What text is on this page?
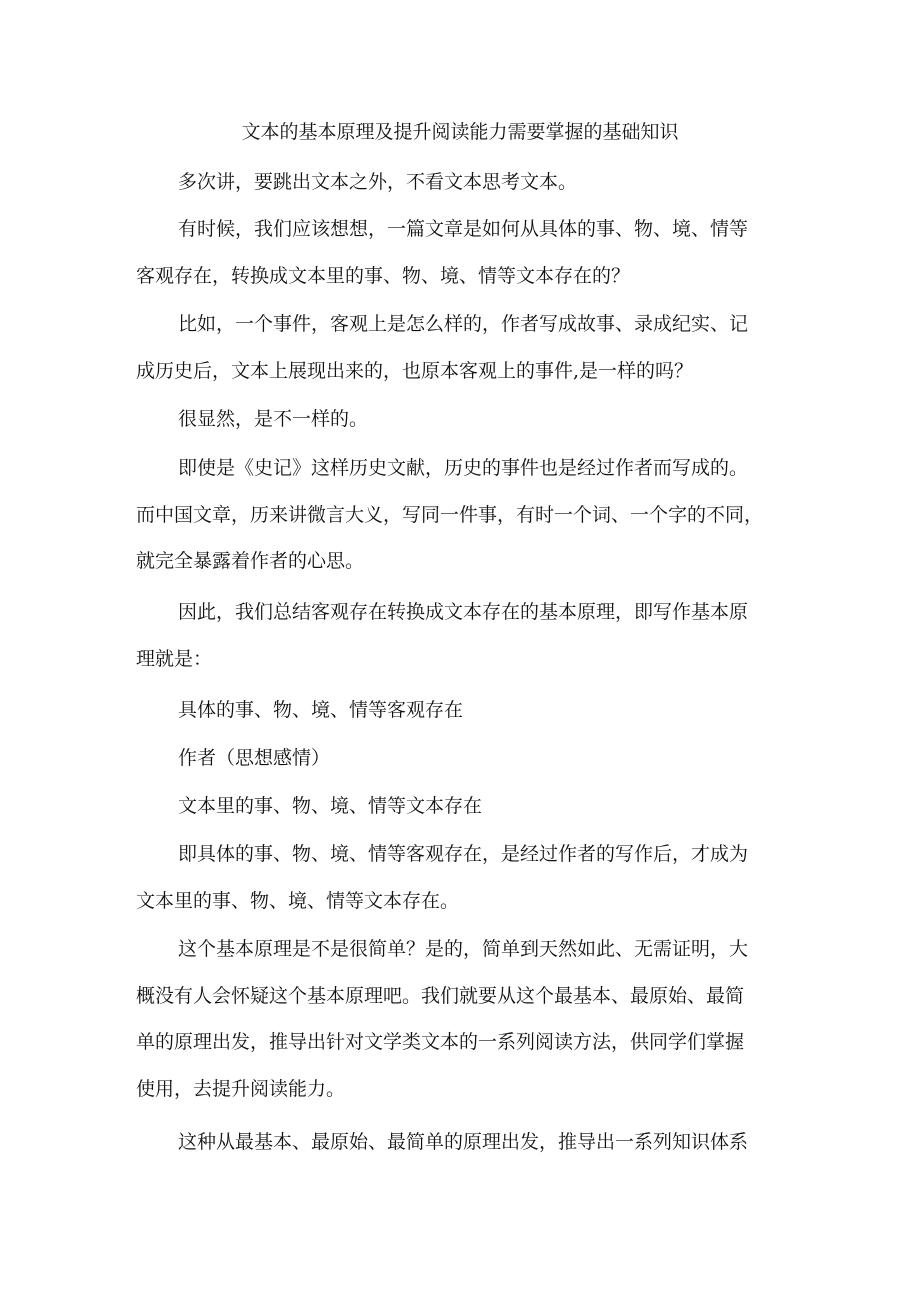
文本的基本原理及提升阅读能力需要掌握的基础知识
多次讲，要跳出文本之外，不看文本思考文本。
有时候，我们应该想想，一篇文章是如何从具体的事、物、境、情等
客观存在，转换成文本里的事、物、境、情等文本存在的？
比如，一个事件，客观上是怎么样的，作者写成故事、录成纪实、记
成历史后，文本上展现出来的，也原本客观上的事件,是一样的吗？
很显然，是不一样的。
即使是《史记》这样历史文献，历史的事件也是经过作者而写成的。
而中国文章，历来讲微言大义，写同一件事，有时一个词、一个字的不同，
就完全暴露着作者的心思。
因此，我们总结客观存在转换成文本存在的基本原理，即写作基本原
理就是：
具体的事、物、境、情等客观存在
作者（思想感情）
文本里的事、物、境、情等文本存在
即具体的事、物、境、情等客观存在，是经过作者的写作后，才成为
文本里的事、物、境、情等文本存在。
这个基本原理是不是很简单？是的，简单到天然如此、无需证明，大
概没有人会怀疑这个基本原理吧。我们就要从这个最基本、最原始、最简
单的原理出发，推导出针对文学类文本的一系列阅读方法，供同学们掌握
使用，去提升阅读能力。
这种从最基本、最原始、最简单的原理出发，推导出一系列知识体系
